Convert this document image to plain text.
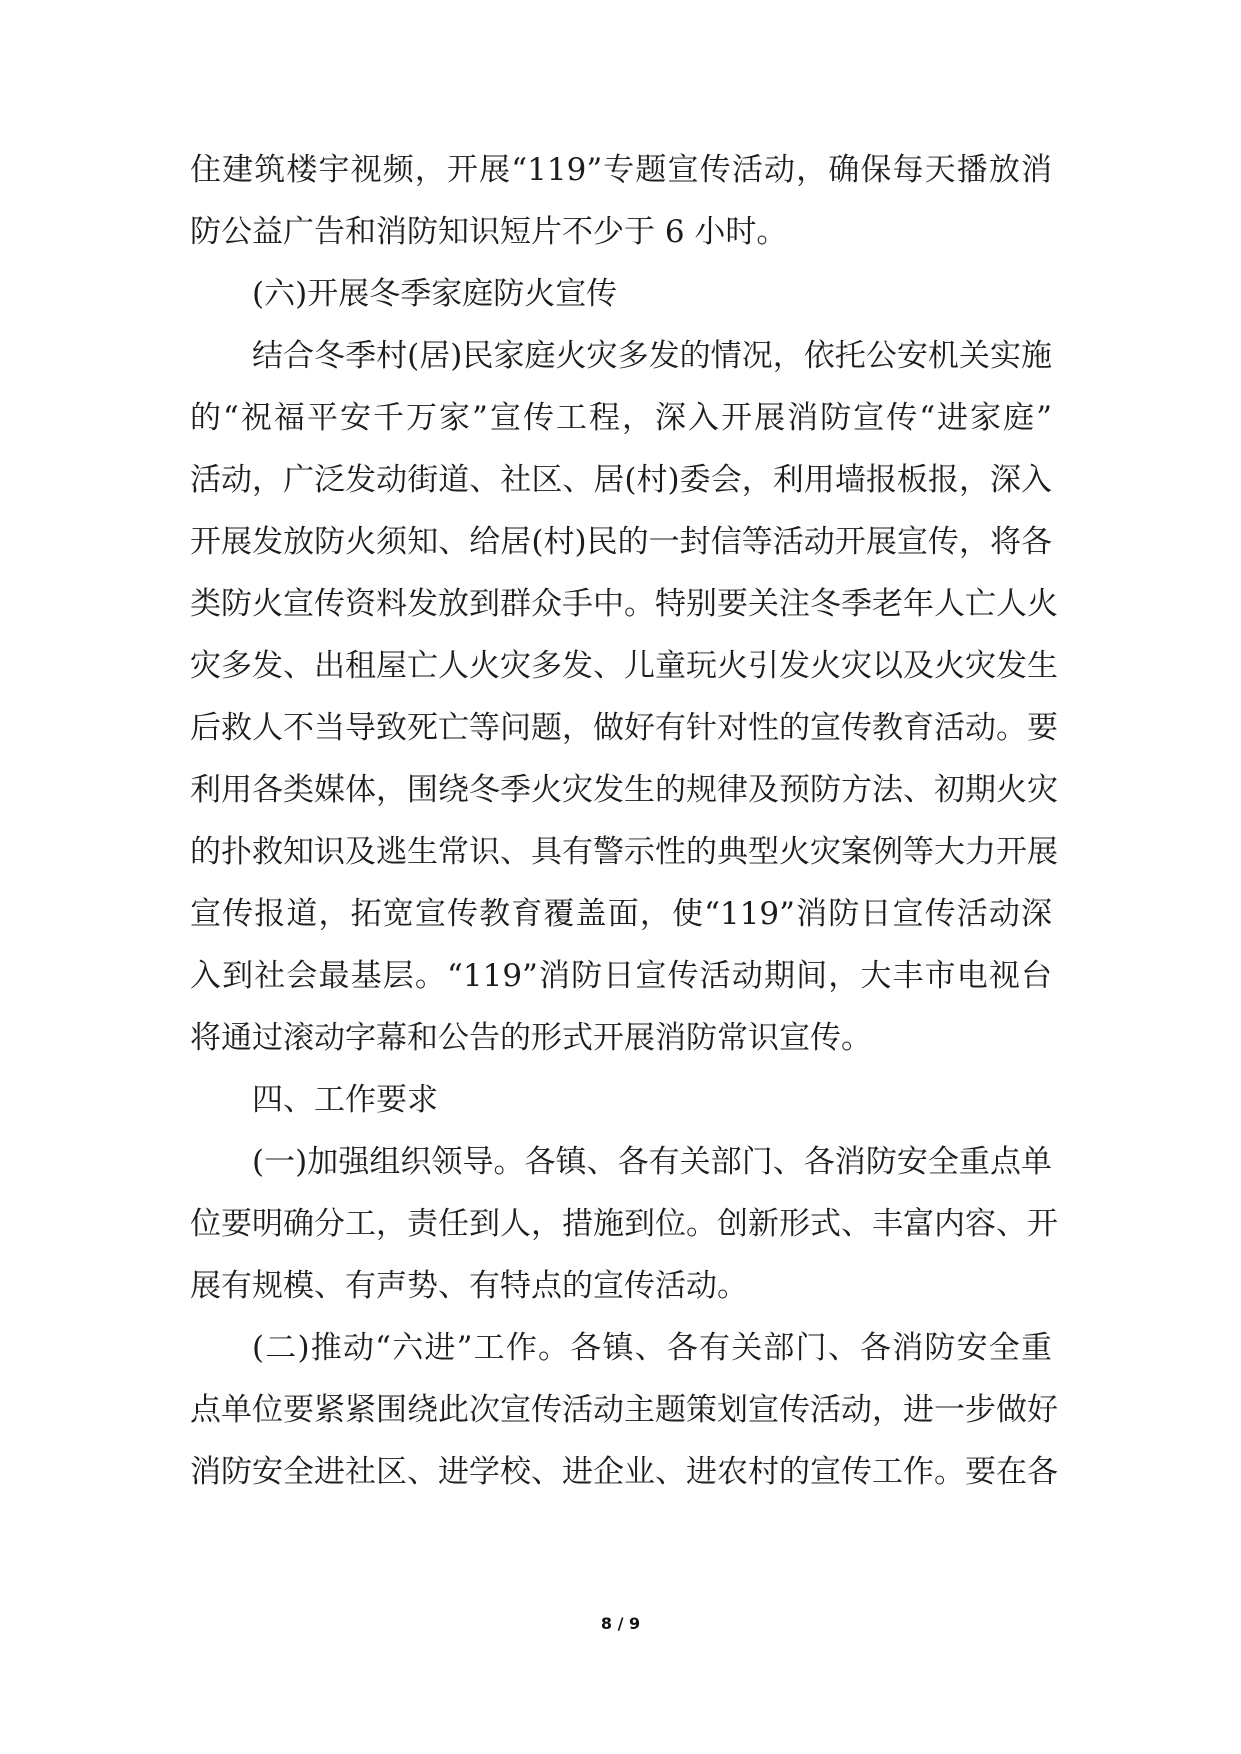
住建筑楼宇视频，开展“119”专题宣传活动，确保每天播放消

防公益广告和消防知识短片不少于 6 小时。

(六)开展冬季家庭防火宣传

结合冬季村(居)民家庭火灾多发的情况，依托公安机关实施

的“祝福平安千万家”宣传工程，深入开展消防宣传“进家庭”

活动，广泛发动街道、社区、居(村)委会，利用墙报板报，深入

开展发放防火须知、给居(村)民的一封信等活动开展宣传，将各

类防火宣传资料发放到群众手中。特别要关注冬季老年人亡人火

灾多发、出租屋亡人火灾多发、儿童玩火引发火灾以及火灾发生

后救人不当导致死亡等问题，做好有针对性的宣传教育活动。要

利用各类媒体，围绕冬季火灾发生的规律及预防方法、初期火灾

的扑救知识及逃生常识、具有警示性的典型火灾案例等大力开展

宣传报道，拓宽宣传教育覆盖面，使“119”消防日宣传活动深

入到社会最基层。“119”消防日宣传活动期间，大丰市电视台

将通过滚动字幕和公告的形式开展消防常识宣传。

四、工作要求

(一)加强组织领导。各镇、各有关部门、各消防安全重点单

位要明确分工，责任到人，措施到位。创新形式、丰富内容、开

展有规模、有声势、有特点的宣传活动。

(二)推动“六进”工作。各镇、各有关部门、各消防安全重

点单位要紧紧围绕此次宣传活动主题策划宣传活动，进一步做好

消防安全进社区、进学校、进企业、进农村的宣传工作。要在各

8 / 9
